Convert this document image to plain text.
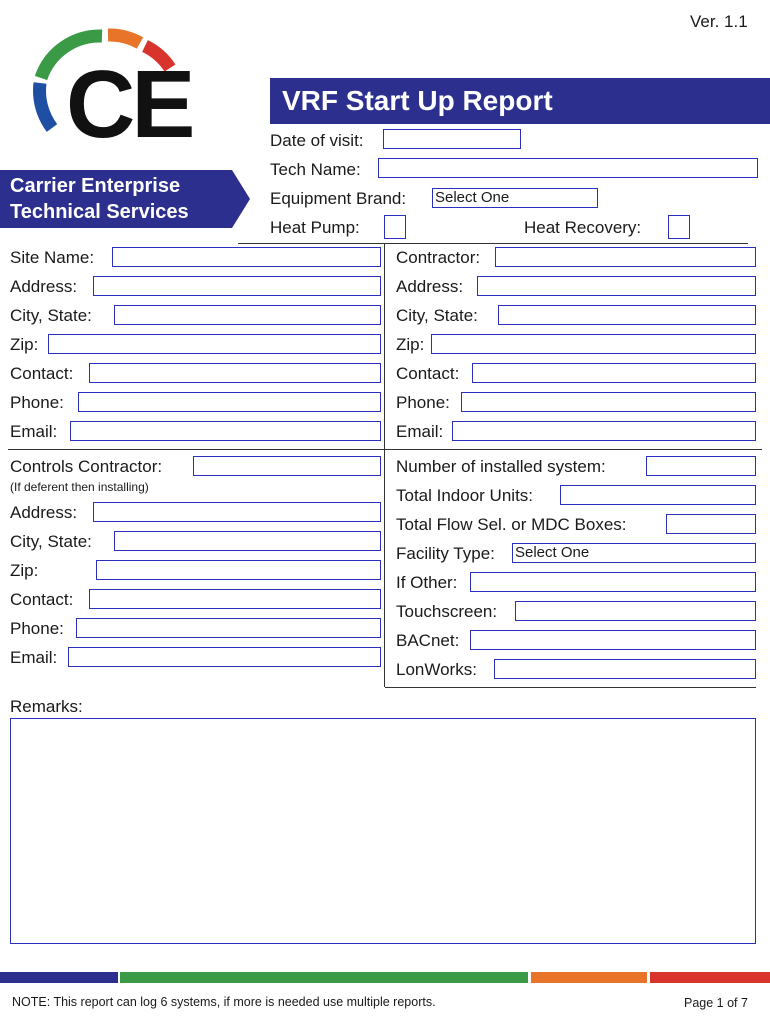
Ver. 1.1
CE
Carrier Enterprise
Technical Services
VRF Start Up Report
Date of visit:
Tech Name:
Equipment Brand: Select One
Heat Pump:	Heat Recovery:
Site Name:
Address:
City, State:
Zip:
Contact:
Phone:
Email:
Contractor:
Address:
City, State:
Zip:
Contact:
Phone:
Email:
Controls Contractor:
(If deferent then installing)
Address:
City, State:
Zip:
Contact:
Phone:
Email:
Number of installed system:
Total Indoor Units:
Total Flow Sel. or MDC Boxes:
Facility Type: Select One
If Other:
Touchscreen:
BACnet:
LonWorks:
Remarks:
NOTE: This report can log 6 systems, if more is needed use multiple reports.	Page 1 of 7
